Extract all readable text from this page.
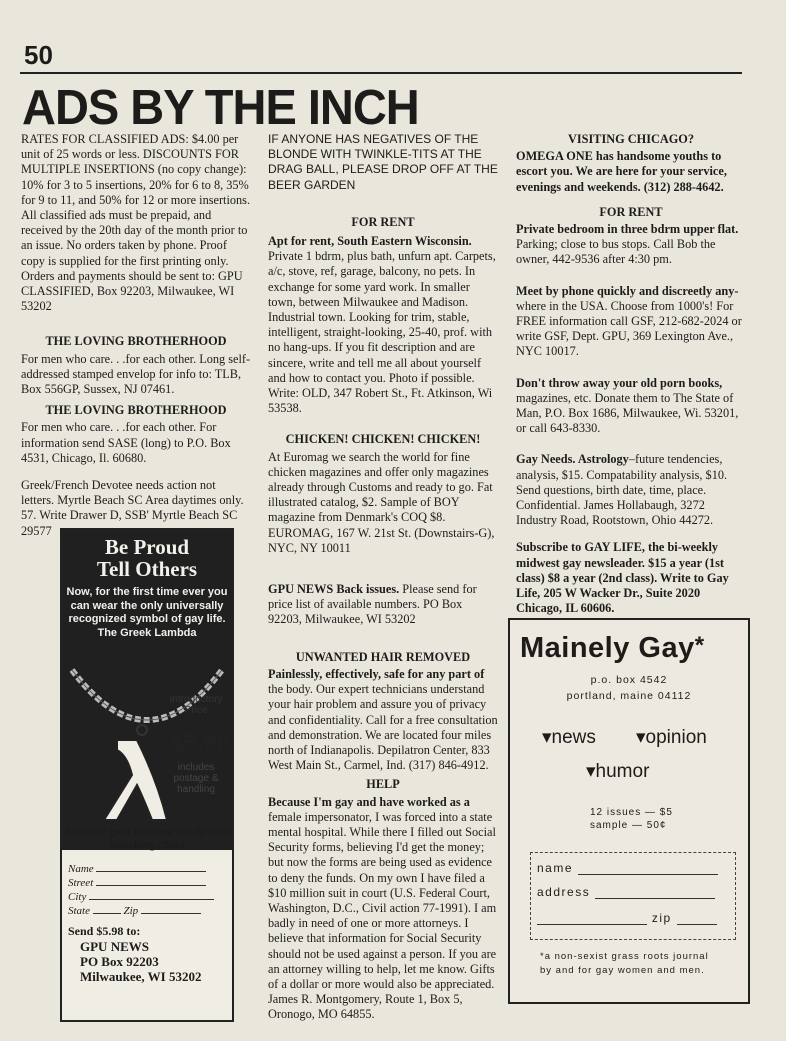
50
ADS BY THE INCH

RATES FOR CLASSIFIED ADS: $4.00 per unit of 25 words or less. DISCOUNTS FOR MULTIPLE INSERTIONS (no copy change): 10% for 3 to 5 insertions, 20% for 6 to 8, 35% for 9 to 11, and 50% for 12 or more insertions. All classified ads must be prepaid, and received by the 20th day of the month prior to an issue. No orders taken by phone. Proof copy is supplied for the first printing only. Orders and payments should be sent to: GPU CLASSIFIED, Box 92203, Milwaukee, WI 53202

THE LOVING BROTHERHOOD

For men who care. . .for each other. Long self-addressed stamped envelop for info to: TLB, Box 556GP, Sussex, NJ 07461.

THE LOVING BROTHERHOOD

For men who care. . .for each other. For information send SASE (long) to P.O. Box 4531, Chicago, Il. 60680.

Greek/French Devotee needs action not letters. Myrtle Beach SC Area daytimes only. 57. Write Drawer D, SSB' Myrtle Beach SC 29577

Be Proud
Tell Others
Now, for the first time ever you can wear the only universally recognized symbol of gay life. The Greek Lambda
Introductory Price
$5.98
includes postage & handling
Indicate gold or silver finish with matching chain
Name
Street
City
State	Zip
Send $5.98 to:
GPU NEWS
PO Box 92203
Milwaukee, WI 53202

IF ANYONE HAS NEGATIVES OF THE BLONDE WITH TWINKLE-TITS AT THE DRAG BALL, PLEASE DROP OFF AT THE BEER GARDEN

FOR RENT

Apt for rent, South Eastern Wisconsin. Private 1 bdrm, plus bath, unfurn apt. Carpets, a/c, stove, ref, garage, balcony, no pets. In exchange for some yard work. In smaller town, between Milwaukee and Madison. Industrial town. Looking for trim, stable, intelligent, straight-looking, 25-40, prof. with no hang-ups. If you fit description and are sincere, write and tell me all about yourself and how to contact you. Photo if possible. Write: OLD, 347 Robert St., Ft. Atkinson, Wi 53538.

CHICKEN! CHICKEN! CHICKEN!

At Euromag we search the world for fine chicken magazines and offer only magazines already through Customs and ready to go. Fat illustrated catalog, $2. Sample of BOY magazine from Denmark's COQ $8. EUROMAG, 167 W. 21st St. (Downstairs-G), NYC, NY 10011

GPU NEWS Back issues. Please send for price list of available numbers. PO Box 92203, Milwaukee, WI 53202

UNWANTED HAIR REMOVED

Painlessly, effectively, safe for any part of the body. Our expert technicians understand your hair problem and assure you of privacy and confidentiality. Call for a free consultation and demonstration. We are located four miles north of Indianapolis. Depilatron Center, 833 West Main St., Carmel, Ind. (317) 846-4912.

HELP

Because I'm gay and have worked as a female impersonator, I was forced into a state mental hospital. While there I filled out Social Security forms, believing I'd get the money; but now the forms are being used as evidence to deny the funds. On my own I have filed a $10 million suit in court (U.S. Federal Court, Washington, D.C., Civil action 77-1991). I am badly in need of one or more attorneys. I believe that information for Social Security should not be used against a person. If you are an attorney willing to help, let me know. Gifts of a dollar or more would also be appreciated. James R. Montgomery, Route 1, Box 5, Oronogo, MO 64855.

VISITING CHICAGO?

OMEGA ONE has handsome youths to escort you. We are here for your service, evenings and weekends. (312) 288-4642.

FOR RENT

Private bedroom in three bdrm upper flat. Parking; close to bus stops. Call Bob the owner, 442-9536 after 4:30 pm.

Meet by phone quickly and discreetly any- where in the USA. Choose from 1000's! For FREE information call GSF, 212-682-2024 or write GSF, Dept. GPU, 369 Lexington Ave., NYC 10017.

Don't throw away your old porn books, magazines, etc. Donate them to The State of Man, P.O. Box 1686, Milwaukee, Wi. 53201, or call 643-8330.

Gay Needs. Astrology–future tendencies, analysis, $15. Compatability analysis, $10. Send questions, birth date, time, place. Confidential. James Hollabaugh, 3272 Industry Road, Rootstown, Ohio 44272.

Subscribe to GAY LIFE, the bi-weekly midwest gay newsleader. $15 a year (1st class) $8 a year (2nd class). Write to Gay Life, 205 W Wacker Dr., Suite 2020 Chicago, IL 60606.

Mainely Gay*
p.o. box 4542
portland, maine 04112
▾news ▾opinion
▾humor
12 issues — $5
sample — 50¢
name
address
zip
*a non-sexist grass roots journal by and for gay women and men.
